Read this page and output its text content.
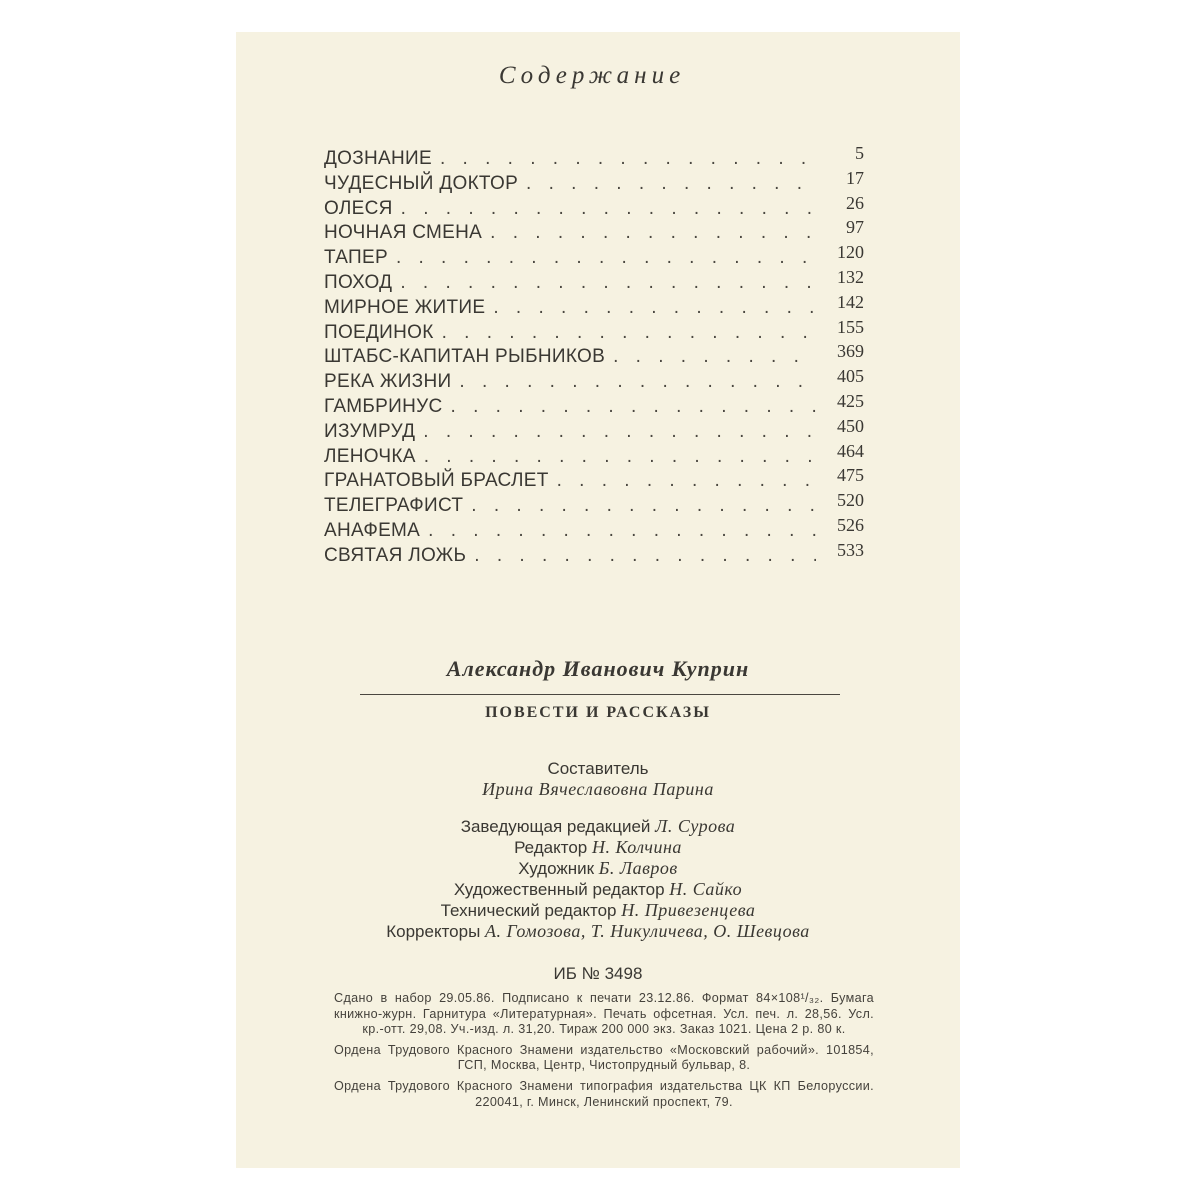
Содержание
ДОЗНАНИЕ . . .	5
ЧУДЕСНЫЙ ДОКТОР . . .	17
ОЛЕСЯ . . .	26
НОЧНАЯ СМЕНА . . .	97
ТАПЕР . . .	120
ПОХОД . . .	132
МИРНОЕ ЖИТИЕ . . .	142
ПОЕДИНОК . . .	155
ШТАБС-КАПИТАН РЫБНИКОВ . . .	369
РЕКА ЖИЗНИ . . .	405
ГАМБРИНУС . . .	425
ИЗУМРУД . . .	450
ЛЕНОЧКА . . .	464
ГРАНАТОВЫЙ БРАСЛЕТ . . .	475
ТЕЛЕГРАФИСТ . . .	520
АНАФЕМА . . .	526
СВЯТАЯ ЛОЖЬ . . .	533
Александр Иванович Куприн
ПОВЕСТИ И РАССКАЗЫ
Составитель
Ирина Вячеславовна Парина
Заведующая редакцией Л. Сурова
Редактор Н. Колчина
Художник Б. Лавров
Художественный редактор Н. Сайко
Технический редактор Н. Привезенцева
Корректоры А. Гомозова, Т. Никуличева, О. Шевцова
ИБ № 3498

Сдано в набор 29.05.86. Подписано к печати 23.12.86. Формат 84×108¹/₃₂. Бумага книжно-журн. Гарнитура «Литературная». Печать офсетная. Усл. печ. л. 28,56. Усл. кр.-отт. 29,08. Уч.-изд. л. 31,20. Тираж 200 000 экз. Заказ 1021. Цена 2 р. 80 к.

Ордена Трудового Красного Знамени издательство «Московский рабочий». 101854, ГСП, Москва, Центр, Чистопрудный бульвар, 8.

Ордена Трудового Красного Знамени типография издательства ЦК КП Белоруссии. 220041, г. Минск, Ленинский проспект, 79.
